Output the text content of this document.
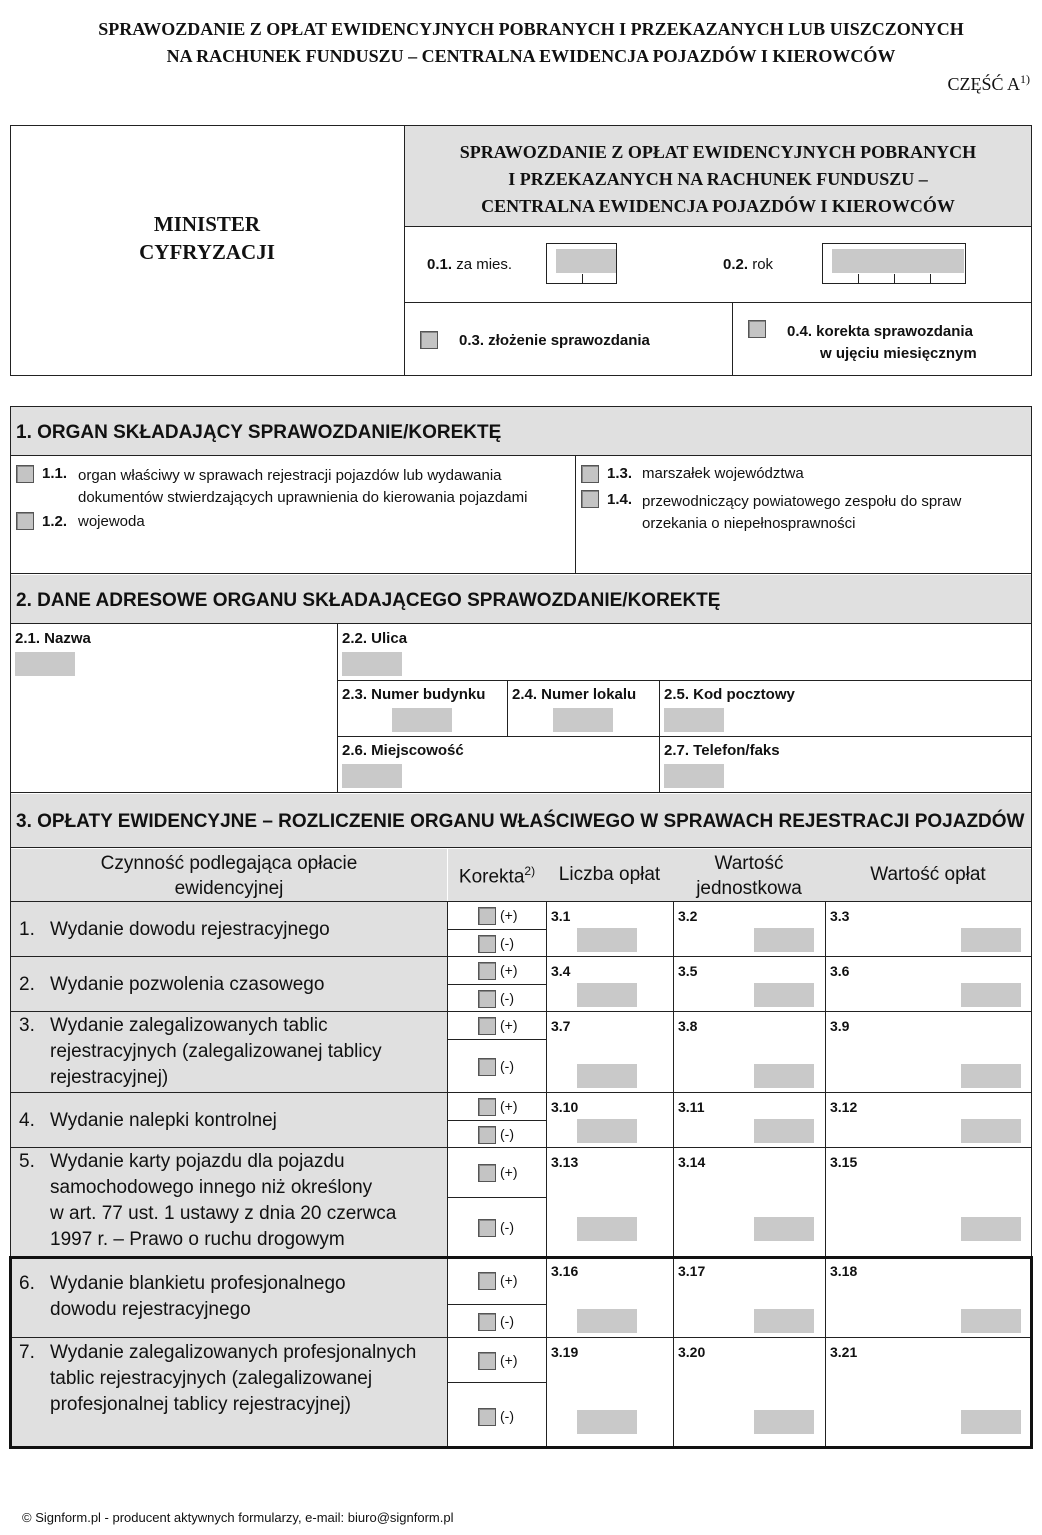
SPRAWOZDANIE Z OPŁAT EWIDENCYJNYCH POBRANYCH I PRZEKAZANYCH LUB UISZCZONYCH
NA RACHUNEK FUNDUSZU – CENTRALNA EWIDENCJA POJAZDÓW I KIEROWCÓW
CZĘŚĆ $A^{1)}$
MINISTER
CYFRYZACJI
SPRAWOZDANIE Z OPŁAT EWIDENCYJNYCH POBRANYCH
I PRZEKAZANYCH NA RACHUNEK FUNDUSZU –
CENTRALNA EWIDENCJA POJAZDÓW I KIEROWCÓW
0.1. za mies.	0.2. rok
0.3. złożenie sprawozdania
0.4. korekta sprawozdania
w ujęciu miesięcznym
1. ORGAN SKŁADAJĄCY SPRAWOZDANIE/KOREKTĘ
1.1. organ właściwy w sprawach rejestracji pojazdów lub wydawania
dokumentów stwierdzających uprawnienia do kierowania pojazdami
1.2. wojewoda
1.3. marszałek województwa
1.4. przewodniczący powiatowego zespołu do spraw
orzekania o niepełnosprawności
2. DANE ADRESOWE ORGANU SKŁADAJĄCEGO SPRAWOZDANIE/KOREKTĘ
2.1. Nazwa	2.2. Ulica
2.3. Numer budynku 2.4. Numer lokalu 2.5. Kod pocztowy
2.6. Miejscowość	2.7. Telefon/faks
3. OPŁATY EWIDENCYJNE – ROZLICZENIE ORGANU WŁAŚCIWEGO W SPRAWACH REJESTRACJI POJAZDÓW
Czynność podlegająca opłacie
ewidencyjnej
Korekta$^{2)}$	Liczba opłat
Wartość
jednostkowa
Wartość opłat
1. Wydanie dowodu rejestracyjnego
(+)
(-)
3.1	3.2	3.3
2. Wydanie pozwolenia czasowego
(+)
(-)
3.4	3.5	3.6
3. Wydanie zalegalizowanych tablic
rejestracyjnych (zalegalizowanej tablicy
rejestracyjnej)
(+)
(-)
3.7	3.8	3.9
4. Wydanie nalepki kontrolnej
(+)
(-)
3.10	3.11	3.12
5. Wydanie karty pojazdu dla pojazdu
samochodowego innego niż określony
w art. 77 ust. 1 ustawy z dnia 20 czerwca
1997 r. – Prawo o ruchu drogowym
(+)
(-)
3.13	3.14	3.15
6. Wydanie blankietu profesjonalnego
dowodu rejestracyjnego
(+)
(-)
3.16	3.17	3.18
7. Wydanie zalegalizowanych profesjonalnych
tablic rejestracyjnych (zalegalizowanej
profesjonalnej tablicy rejestracyjnej)
(+)
(-)
3.19	3.20	3.21
© Signform.pl - producent aktywnych formularzy, e-mail: biuro@signform.pl
